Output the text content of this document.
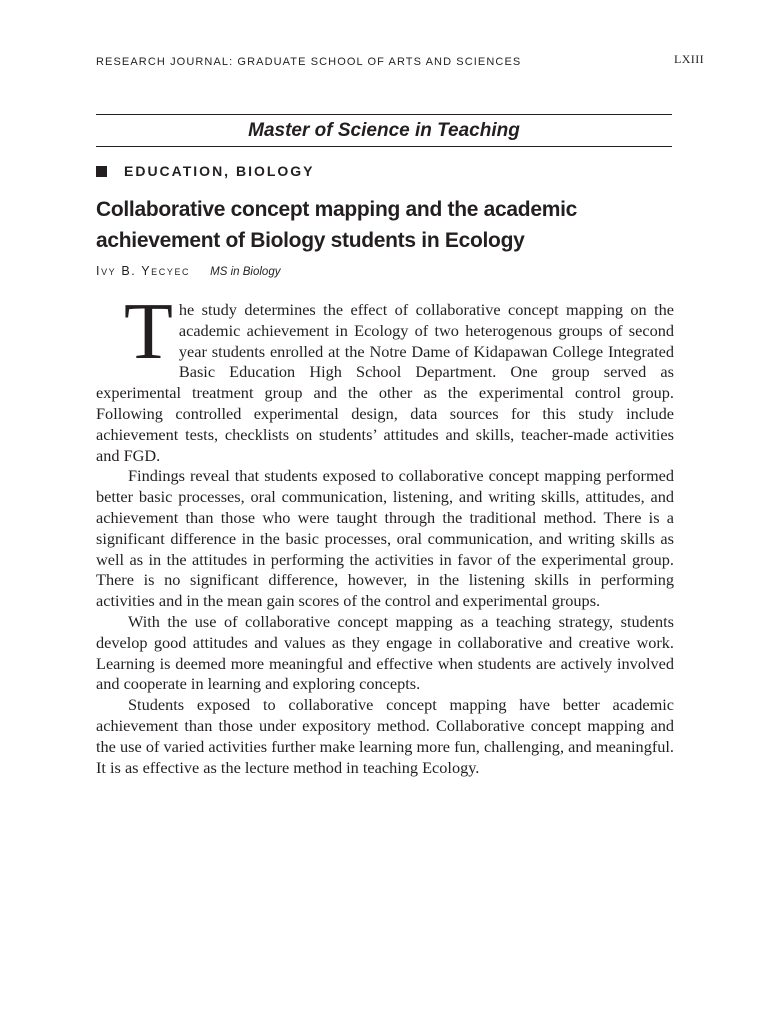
RESEARCH JOURNAL: GRADUATE SCHOOL OF ARTS AND SCIENCES	LXIII
Master of Science in Teaching
EDUCATION, BIOLOGY
Collaborative concept mapping and the academic achievement of Biology students in Ecology
Ivy B. Yecyec MS in Biology

The study determines the effect of collaborative concept mapping on the academic achievement in Ecology of two heterogenous groups of second year students enrolled at the Notre Dame of Kidapawan College Integrated Basic Education High School Department. One group served as experimental treatment group and the other as the experimental control group. Following controlled experimental design, data sources for this study include achievement tests, checklists on students’ attitudes and skills, teacher-made activities and FGD.

Findings reveal that students exposed to collaborative concept mapping performed better basic processes, oral communication, listening, and writing skills, attitudes, and achievement than those who were taught through the traditional method. There is a significant difference in the basic processes, oral communication, and writing skills as well as in the attitudes in performing the activities in favor of the experimental group. There is no significant difference, however, in the listening skills in performing activities and in the mean gain scores of the control and experimental groups.

With the use of collaborative concept mapping as a teaching strategy, students develop good attitudes and values as they engage in collaborative and creative work. Learning is deemed more meaningful and effective when students are actively involved and cooperate in learning and exploring concepts.

Students exposed to collaborative concept mapping have better academic achievement than those under expository method. Collaborative concept mapping and the use of varied activities further make learning more fun, challenging, and meaningful. It is as effective as the lecture method in teaching Ecology.
